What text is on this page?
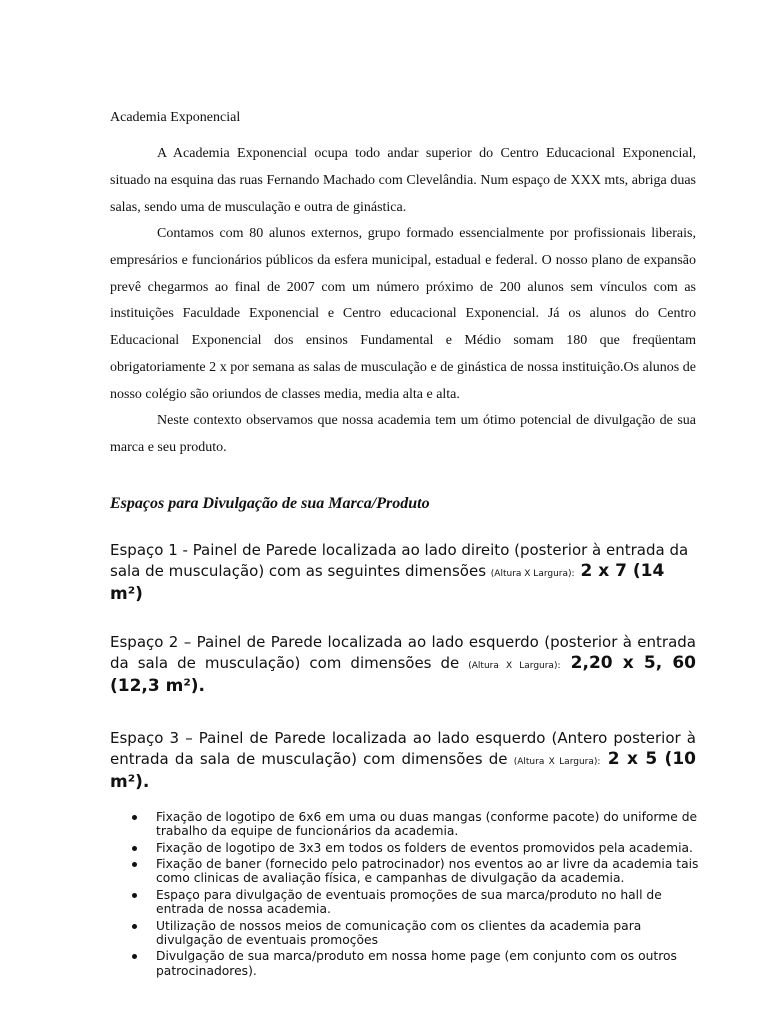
Academia Exponencial

A Academia Exponencial ocupa todo andar superior do Centro Educacional Exponencial, situado na esquina das ruas Fernando Machado com Clevelândia. Num espaço de XXX mts, abriga duas salas, sendo uma de musculação e outra de ginástica.

Contamos com 80 alunos externos, grupo formado essencialmente por profissionais liberais, empresários e funcionários públicos da esfera municipal, estadual e federal. O nosso plano de expansão prevê chegarmos ao final de 2007 com um número próximo de 200 alunos sem vínculos com as instituições Faculdade Exponencial e Centro educacional Exponencial. Já os alunos do Centro Educacional Exponencial dos ensinos Fundamental e Médio somam 180 que freqüentam obrigatoriamente 2 x por semana as salas de musculação e de ginástica de nossa instituição.Os alunos de nosso colégio são oriundos de classes media, media alta e alta.

Neste contexto observamos que nossa academia tem um ótimo potencial de divulgação de sua marca e seu produto.

Espaços para Divulgação de sua Marca/Produto

Espaço 1 - Painel de Parede localizada ao lado direito (posterior à entrada da sala de musculação) com as seguintes dimensões (Altura X Largura): 2 x 7 (14 m²)

Espaço 2 – Painel de Parede localizada ao lado esquerdo (posterior à entrada da sala de musculação) com dimensões de (Altura X Largura): 2,20 x 5, 60 (12,3 m²).

Espaço 3 – Painel de Parede localizada ao lado esquerdo (Antero posterior à entrada da sala de musculação) com dimensões de (Altura X Largura): 2 x 5 (10 m²).

Fixação de logotipo de 6x6 em uma ou duas mangas (conforme pacote) do uniforme de trabalho da equipe de funcionários da academia.
Fixação de logotipo de 3x3 em todos os folders de eventos promovidos pela academia.
Fixação de baner (fornecido pelo patrocinador) nos eventos ao ar livre da academia tais como clinicas de avaliação física, e campanhas de divulgação da academia.
Espaço para divulgação de eventuais promoções de sua marca/produto no hall de entrada de nossa academia.
Utilização de nossos meios de comunicação com os clientes da academia para divulgação de eventuais promoções
Divulgação de sua marca/produto em nossa home page (em conjunto com os outros patrocinadores).
